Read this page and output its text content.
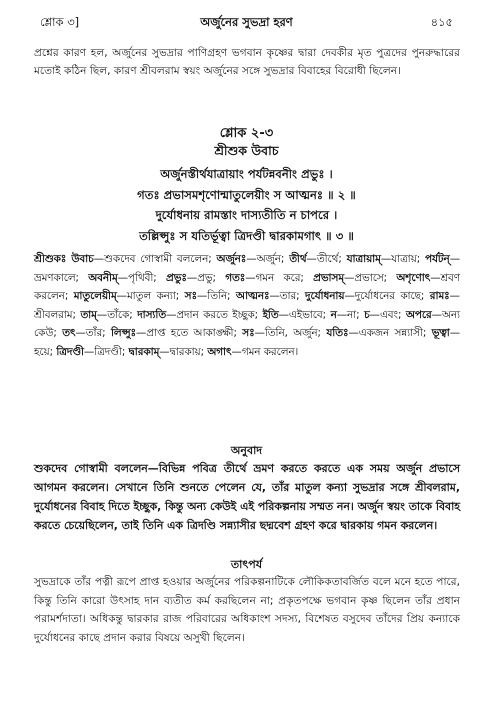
শ্লোক ৩]	অর্জুনের সুভদ্রা হরণ	৪১৫
প্রশ্নের কারণ হল, অর্জুনের সুভদ্রার পাণিগ্রহণ ভগবান কৃষ্ণের দ্বারা দেবকীর মৃত পুত্রদের পুনরুদ্ধারের মতোই কঠিন ছিল, কারণ শ্রীবলরাম স্বয়ং অর্জুনের সঙ্গে সুভদ্রার বিবাহের বিরোধী ছিলেন।
শ্লোক ২-৩
শ্রীশুক উবাচ
অর্জুনস্তীর্থযাত্রায়াং পর্যটন্নবনীং প্রভুঃ ।
গতঃ প্রভাসমশৃণোন্মাতুলেয়ীং স আত্মনঃ ॥ ২ ॥
দুর্যোধনায় রামস্তাং দাস্যতীতি ন চাপরে ।
তল্লিপ্সুঃ স যতির্ভূত্বা ত্রিদণ্ডী দ্বারকামগাৎ ॥ ৩ ॥
শ্রীশুকঃ উবাচ—শুকদেব গোস্বামী বললেন; অর্জুনঃ—অর্জুন; তীর্থ—তীর্থে; যাত্রায়াম্—যাত্রায়; পর্যটন্—ভ্রমণকালে; অবনীম্—পৃথিবী; প্রভুঃ—প্রভু; গতঃ—গমন করে; প্রভাসম্—প্রভাসে; অশৃণোৎ—শ্রবণ করলেন; মাতুলেয়ীম্—মাতুল কন্যা; সঃ—তিনি; আত্মনঃ—তার; দুর্যোধনায়—দুর্যোধনের কাছে; রামঃ—শ্রীবলরাম; তাম্—তাঁকে; দাস্যতি—প্রদান করতে ইচ্ছুক; ইতি—এইভাবে; ন—না; চ—এবং; অপরে—অন্য কেউ; তৎ—তাঁর; লিপ্সুঃ—প্রাপ্ত হতে আকাঙ্ক্ষী; সঃ—তিনি, অর্জুন; যতিঃ—একজন সন্ন্যাসী; ভূত্বা—হয়ে; ত্রিদণ্ডী—ত্রিদণ্ডী; দ্বারকাম্—দ্বারকায়; অগাৎ—গমন করলেন।
অনুবাদ
শুকদেব গোস্বামী বললেন—বিভিন্ন পবিত্র তীর্থে ভ্রমণ করতে করতে এক সময় অর্জুন প্রভাসে আগমন করলেন। সেখানে তিনি শুনতে পেলেন যে, তাঁর মাতুল কন্যা সুভদ্রার সঙ্গে শ্রীবলরাম, দুর্যোধনের বিবাহ দিতে ইচ্ছুক, কিন্তু অন্য কেউই এই পরিকল্পনায় সম্মত নন। অর্জুন স্বয়ং তাকে বিবাহ করতে চেয়েছিলেন, তাই তিনি এক ত্রিদণ্ডি সন্ন্যাসীর ছদ্মবেশ গ্রহণ করে দ্বারকায় গমন করলেন।
তাৎপর্য
সুভদ্রাকে তাঁর পত্নী রূপে প্রাপ্ত হওয়ার অর্জুনের পরিকল্পনাটিকে লৌকিকতাবর্জিত বলে মনে হতে পারে, কিন্তু তিনি কারো উৎসাহ দান ব্যতীত কর্ম করছিলেন না; প্রকৃতপক্ষে ভগবান কৃষ্ণ ছিলেন তাঁর প্রধান পরামর্শদাতা। অধিকন্তু দ্বারকার রাজ পরিবারের অধিকাংশ সদস্য, বিশেষত বসুদেব তাঁদের প্রিয় কন্যাকে দুর্যোধনের কাছে প্রদান করার বিষয়ে অসুখী ছিলেন।
